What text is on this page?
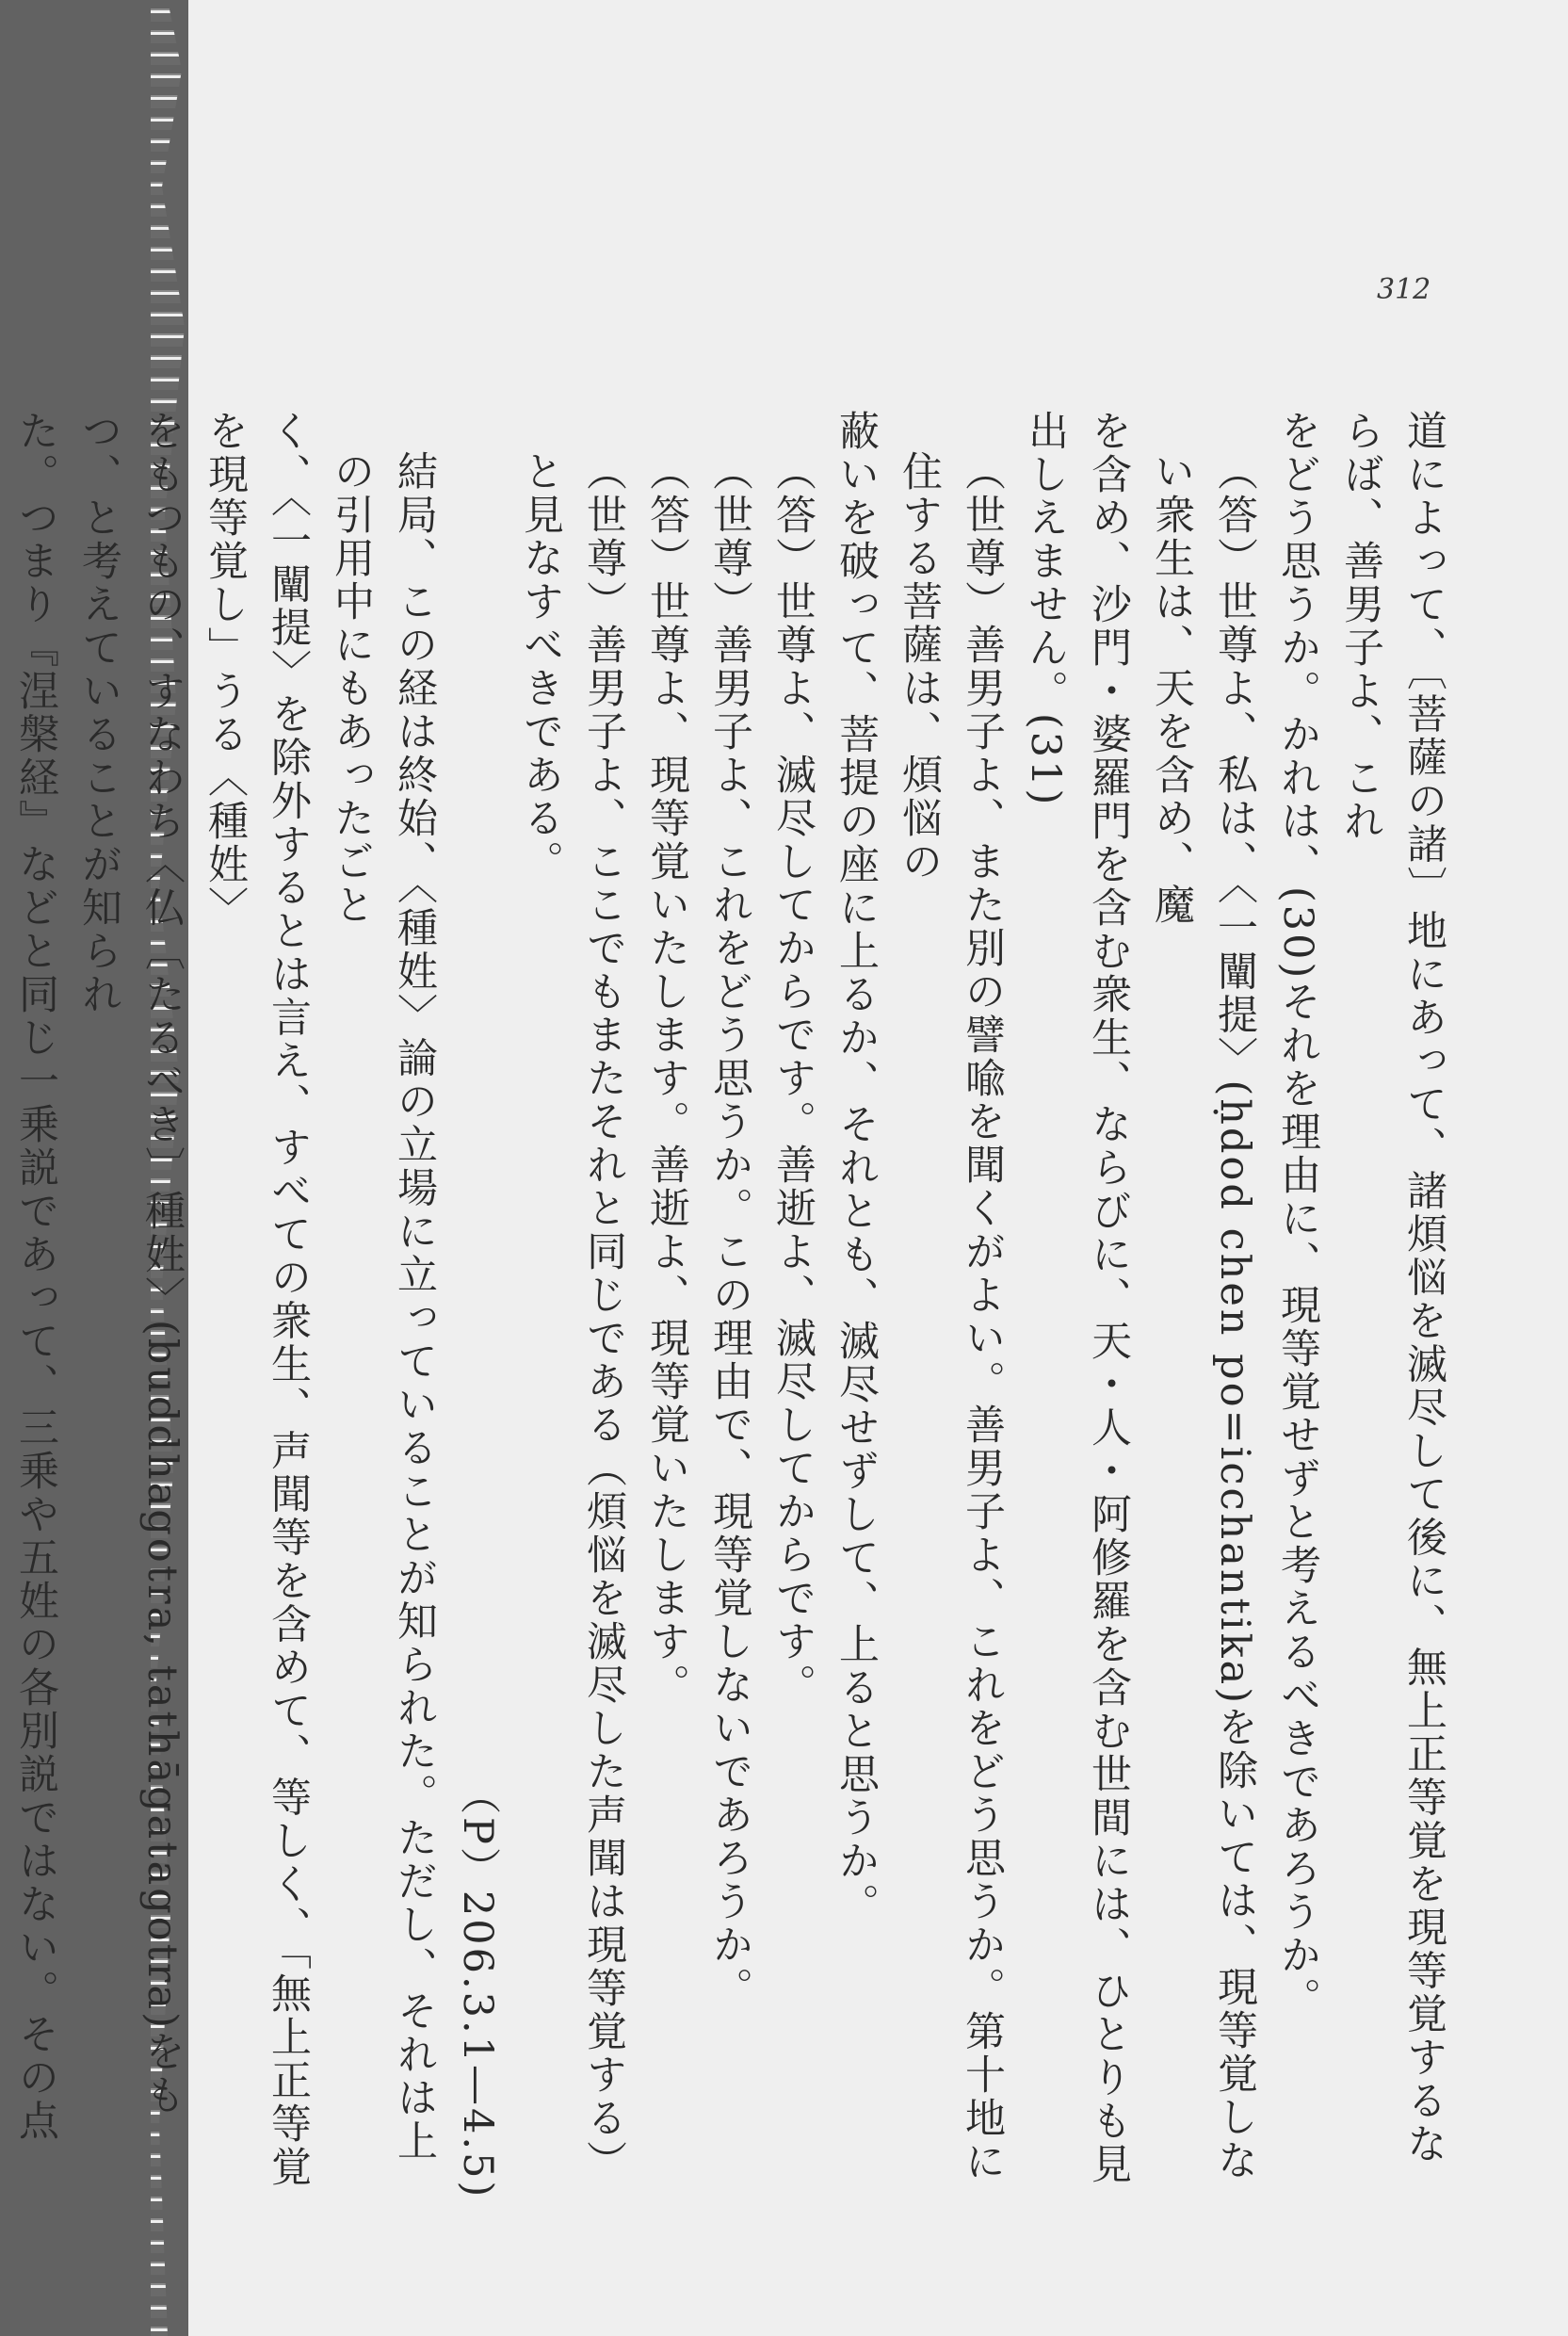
312

道によって、〔菩薩の諸〕地にあって、諸煩悩を滅尽して後に、無上正等覚を現等覚するならば、善男子よ、これ

をどう思うか。かれは、(30)それを理由に、現等覚せずと考えるべきであろうか。

（答）世尊よ、私は、〈一闡提〉(ḥdod chen po=icchantika)を除いては、現等覚しない衆生は、天を含め、魔

を含め、沙門・婆羅門を含む衆生、ならびに、天・人・阿修羅を含む世間には、ひとりも見出しえません。(31)

（世尊）善男子よ、また別の譬喩を聞くがよい。善男子よ、これをどう思うか。第十地に住する菩薩は、煩悩の

蔽いを破って、菩提の座に上るか、それとも、滅尽せずして、上ると思うか。

（答）世尊よ、滅尽してからです。善逝よ、滅尽してからです。

（世尊）善男子よ、これをどう思うか。この理由で、現等覚しないであろうか。

（答）世尊よ、現等覚いたします。善逝よ、現等覚いたします。

（世尊）善男子よ、ここでもまたそれと同じである（煩悩を滅尽した声聞は現等覚する）と見なすべきである。

（P）206.3.1—4.5)

結局、この経は終始、〈種姓〉論の立場に立っていることが知られた。ただし、それは上の引用中にもあったごと

く、〈一闡提〉を除外するとは言え、すべての衆生、声聞等を含めて、等しく、「無上正等覚を現等覚し」うる〈種姓〉

をもつもの、すなわち〈仏〔たるべき〕種姓〉(buddhagotra, tathāgatagotra)をもつ、と考えていることが知られ

た。つまり『涅槃経』などと同じ一乗説であって、三乗や五姓の各別説ではない。その点
